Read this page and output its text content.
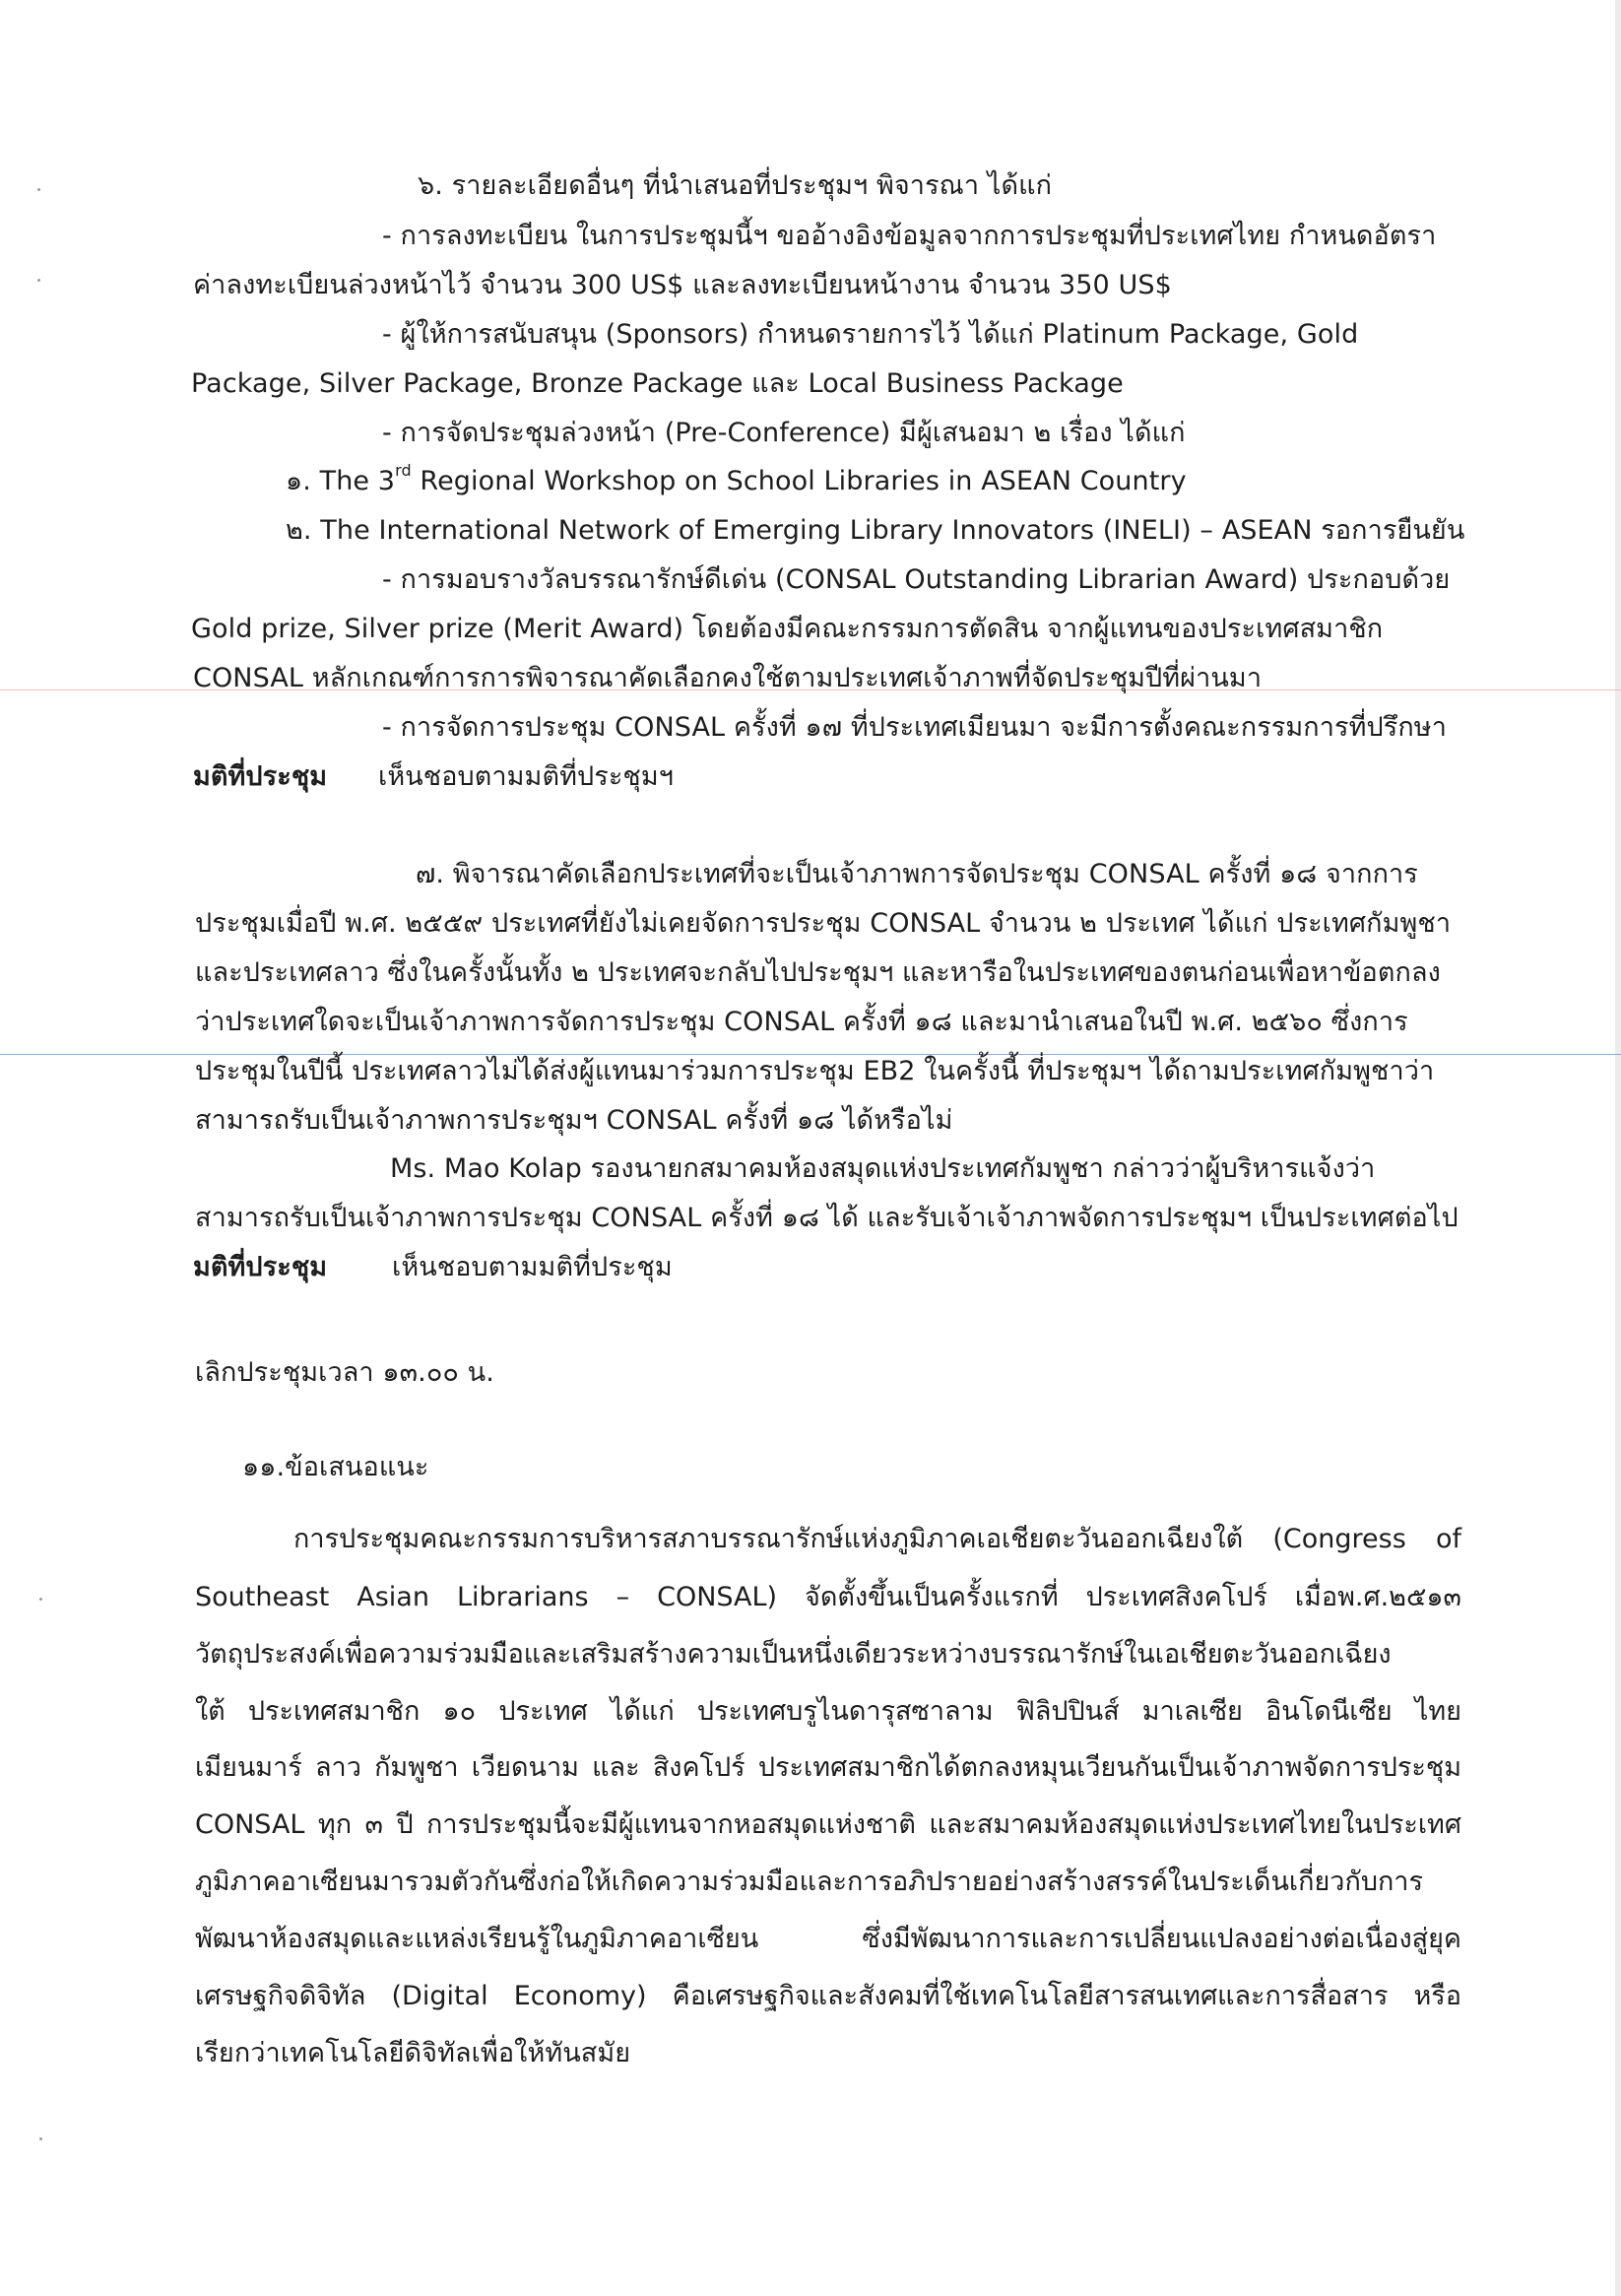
๖. รายละเอียดอื่นๆ ที่นำเสนอที่ประชุมฯ พิจารณา ได้แก่
- การลงทะเบียน ในการประชุมนี้ฯ ขออ้างอิงข้อมูลจากการประชุมที่ประเทศไทย กำหนดอัตรา
ค่าลงทะเบียนล่วงหน้าไว้ จำนวน 300 US$ และลงทะเบียนหน้างาน จำนวน 350 US$
- ผู้ให้การสนับสนุน (Sponsors) กำหนดรายการไว้ ได้แก่ Platinum Package, Gold
Package, Silver Package, Bronze Package และ Local Business Package
- การจัดประชุมล่วงหน้า (Pre-Conference) มีผู้เสนอมา ๒ เรื่อง ได้แก่
๑. The 3rd Regional Workshop on School Libraries in ASEAN Country
๒. The International Network of Emerging Library Innovators (INELI) – ASEAN รอการยืนยัน
- การมอบรางวัลบรรณารักษ์ดีเด่น (CONSAL Outstanding Librarian Award) ประกอบด้วย
Gold prize, Silver prize (Merit Award) โดยต้องมีคณะกรรมการตัดสิน จากผู้แทนของประเทศสมาชิก
CONSAL หลักเกณฑ์การการพิจารณาคัดเลือกคงใช้ตามประเทศเจ้าภาพที่จัดประชุมปีที่ผ่านมา
- การจัดการประชุม CONSAL ครั้งที่ ๑๗ ที่ประเทศเมียนมา จะมีการตั้งคณะกรรมการที่ปรึกษา
มติที่ประชุม เห็นชอบตามมติที่ประชุมฯ
๗. พิจารณาคัดเลือกประเทศที่จะเป็นเจ้าภาพการจัดประชุม CONSAL ครั้งที่ ๑๘ จากการ
ประชุมเมื่อปี พ.ศ. ๒๕๕๙ ประเทศที่ยังไม่เคยจัดการประชุม CONSAL จำนวน ๒ ประเทศ ได้แก่ ประเทศกัมพูชา
และประเทศลาว ซึ่งในครั้งนั้นทั้ง ๒ ประเทศจะกลับไปประชุมฯ และหารือในประเทศของตนก่อนเพื่อหาข้อตกลง
ว่าประเทศใดจะเป็นเจ้าภาพการจัดการประชุม CONSAL ครั้งที่ ๑๘ และมานำเสนอในปี พ.ศ. ๒๕๖๐ ซึ่งการ
ประชุมในปีนี้ ประเทศลาวไม่ได้ส่งผู้แทนมาร่วมการประชุม EB2 ในครั้งนี้ ที่ประชุมฯ ได้ถามประเทศกัมพูชาว่า
สามารถรับเป็นเจ้าภาพการประชุมฯ CONSAL ครั้งที่ ๑๘ ได้หรือไม่
Ms. Mao Kolap รองนายกสมาคมห้องสมุดแห่งประเทศกัมพูชา กล่าวว่าผู้บริหารแจ้งว่า
สามารถรับเป็นเจ้าภาพการประชุม CONSAL ครั้งที่ ๑๘ ได้ และรับเจ้าเจ้าภาพจัดการประชุมฯ เป็นประเทศต่อไป
มติที่ประชุม เห็นชอบตามมติที่ประชุม
เลิกประชุมเวลา ๑๓.๐๐ น.
๑๑.ข้อเสนอแนะ
การประชุมคณะกรรมการบริหารสภาบรรณารักษ์แห่งภูมิภาคเอเชียตะวันออกเฉียงใต้ (Congress of
Southeast Asian Librarians – CONSAL) จัดตั้งขึ้นเป็นครั้งแรกที่ ประเทศสิงคโปร์ เมื่อพ.ศ.๒๕๑๓
วัตถุประสงค์เพื่อความร่วมมือและเสริมสร้างความเป็นหนึ่งเดียวระหว่างบรรณารักษ์ในเอเชียตะวันออกเฉียง
ใต้ ประเทศสมาชิก ๑๐ ประเทศ ได้แก่ ประเทศบรูไนดารุสซาลาม ฟิลิปปินส์ มาเลเซีย อินโดนีเซีย ไทย
เมียนมาร์ ลาว กัมพูชา เวียดนาม และ สิงคโปร์ ประเทศสมาชิกได้ตกลงหมุนเวียนกันเป็นเจ้าภาพจัดการประชุม
CONSAL ทุก ๓ ปี การประชุมนี้จะมีผู้แทนจากหอสมุดแห่งชาติ และสมาคมห้องสมุดแห่งประเทศไทยในประเทศ
ภูมิภาคอาเซียนมารวมตัวกันซึ่งก่อให้เกิดความร่วมมือและการอภิปรายอย่างสร้างสรรค์ในประเด็นเกี่ยวกับการ
พัฒนาห้องสมุดและแหล่งเรียนรู้ในภูมิภาคอาเซียน ซึ่งมีพัฒนาการและการเปลี่ยนแปลงอย่างต่อเนื่องสู่ยุค
เศรษฐกิจดิจิทัล (Digital Economy) คือเศรษฐกิจและสังคมที่ใช้เทคโนโลยีสารสนเทศและการสื่อสาร หรือ
เรียกว่าเทคโนโลยีดิจิทัลเพื่อให้ทันสมัย
